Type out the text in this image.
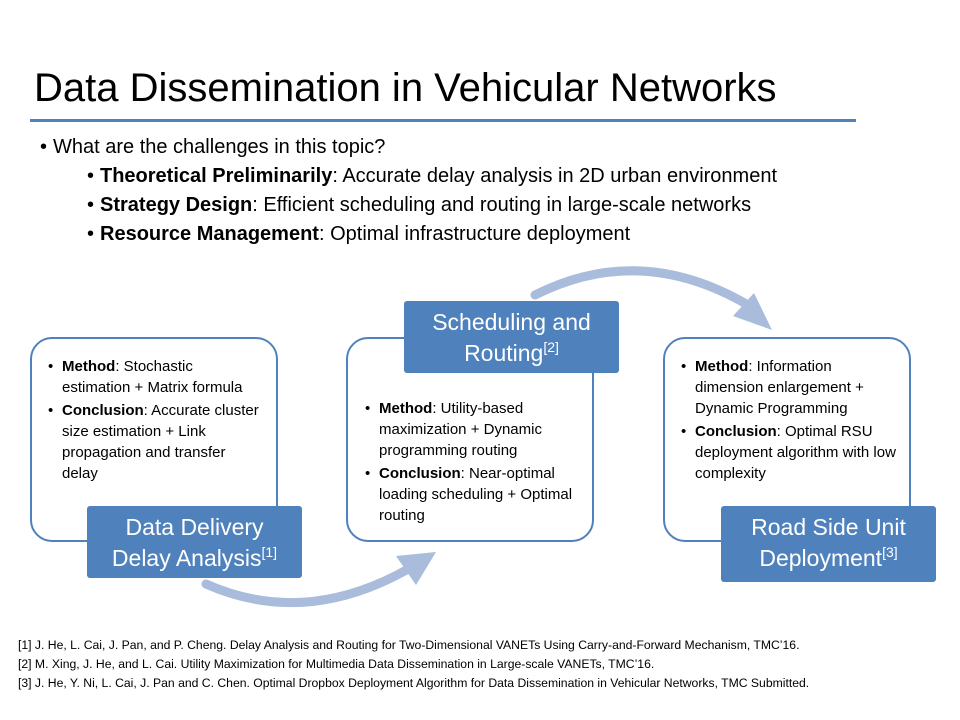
Data Dissemination in Vehicular Networks
• What are the challenges in this topic?
• Theoretical Preliminarily: Accurate delay analysis in 2D urban environment
• Strategy Design: Efficient scheduling and routing in large-scale networks
• Resource Management: Optimal infrastructure deployment
• Method: Stochastic estimation + Matrix formula
• Conclusion: Accurate cluster size estimation + Link propagation and transfer delay
• Method: Utility-based maximization + Dynamic programming routing
• Conclusion: Near-optimal loading scheduling + Optimal routing
• Method: Information dimension enlargement + Dynamic Programming
• Conclusion: Optimal RSU deployment algorithm with low complexity
Data Delivery
Delay Analysis[1]
Scheduling and
Routing[2]
Road Side Unit
Deployment[3]
[1] J. He, L. Cai, J. Pan, and P. Cheng. Delay Analysis and Routing for Two-Dimensional VANETs Using Carry-and-Forward Mechanism, TMC’16.
[2] M. Xing, J. He, and L. Cai. Utility Maximization for Multimedia Data Dissemination in Large-scale VANETs, TMC’16.
[3] J. He, Y. Ni, L. Cai, J. Pan and C. Chen. Optimal Dropbox Deployment Algorithm for Data Dissemination in Vehicular Networks, TMC Submitted.
